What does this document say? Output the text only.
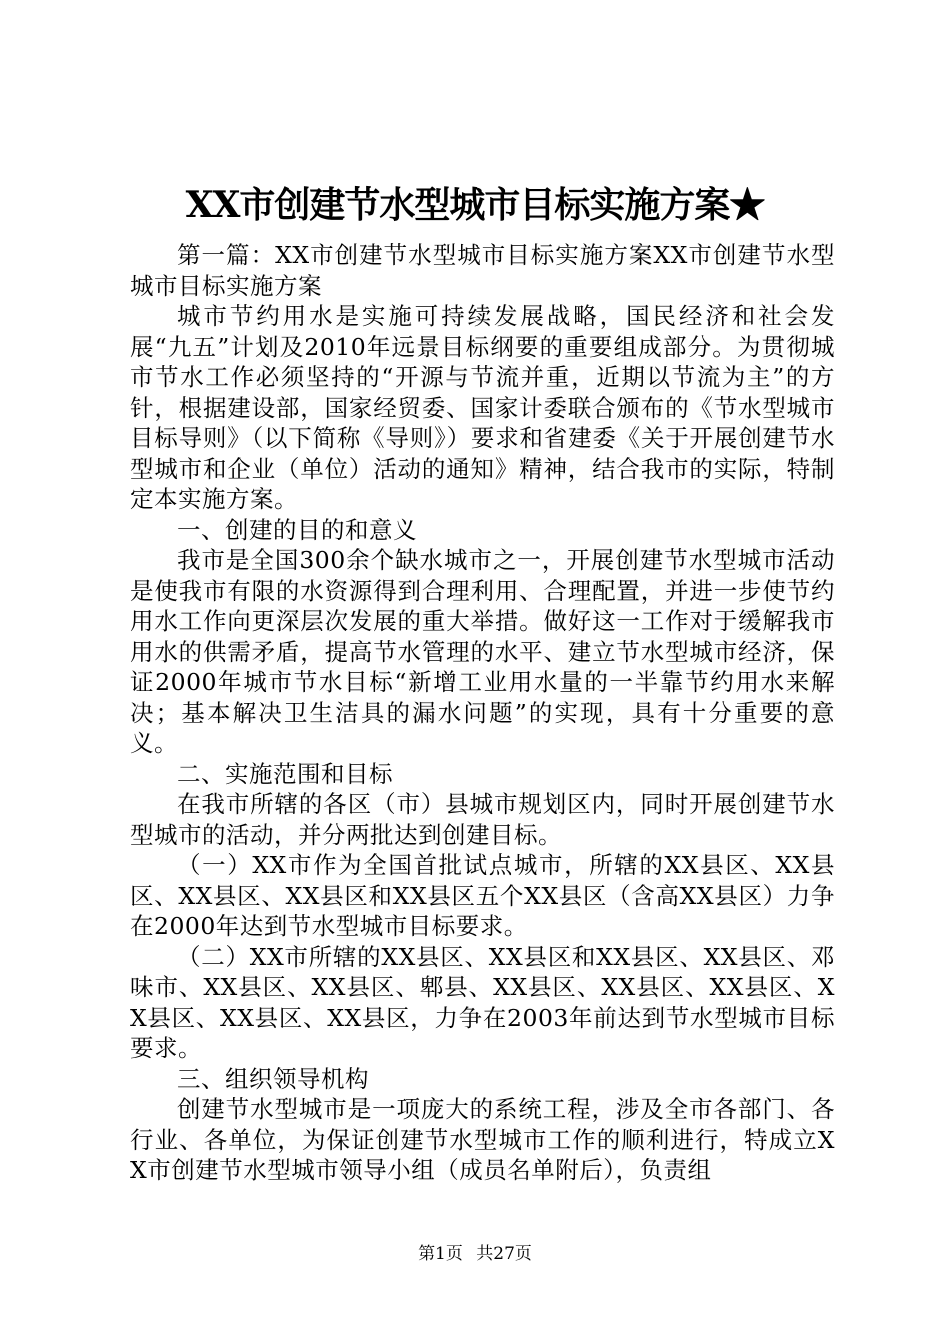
XX市创建节水型城市目标实施方案★

第一篇：XX市创建节水型城市目标实施方案XX市创建节水型城市目标实施方案

城市节约用水是实施可持续发展战略，国民经济和社会发展“九五”计划及2010年远景目标纲要的重要组成部分。为贯彻城市节水工作必须坚持的“开源与节流并重，近期以节流为主”的方针，根据建设部，国家经贸委、国家计委联合颁布的《节水型城市目标导则》（以下简称《导则》）要求和省建委《关于开展创建节水型城市和企业（单位）活动的通知》精神，结合我市的实际，特制定本实施方案。

一、创建的目的和意义

我市是全国300余个缺水城市之一，开展创建节水型城市活动是使我市有限的水资源得到合理利用、合理配置，并进一步使节约用水工作向更深层次发展的重大举措。做好这一工作对于缓解我市用水的供需矛盾，提高节水管理的水平、建立节水型城市经济，保证2000年城市节水目标“新增工业用水量的一半靠节约用水来解决；基本解决卫生洁具的漏水问题”的实现，具有十分重要的意义。

二、实施范围和目标

在我市所辖的各区（市）县城市规划区内，同时开展创建节水型城市的活动，并分两批达到创建目标。

（一）XX市作为全国首批试点城市，所辖的XX县区、XX县区、XX县区、XX县区和XX县区五个XX县区（含高XX县区）力争在2000年达到节水型城市目标要求。

（二）XX市所辖的XX县区、XX县区和XX县区、XX县区、邓味市、XX县区、XX县区、郫县、XX县区、XX县区、XX县区、XX县区、XX县区、XX县区，力争在2003年前达到节水型城市目标要求。

三、组织领导机构

创建节水型城市是一项庞大的系统工程，涉及全市各部门、各行业、各单位，为保证创建节水型城市工作的顺利进行，特成立XX市创建节水型城市领导小组（成员名单附后），负责组

第1页 共27页
